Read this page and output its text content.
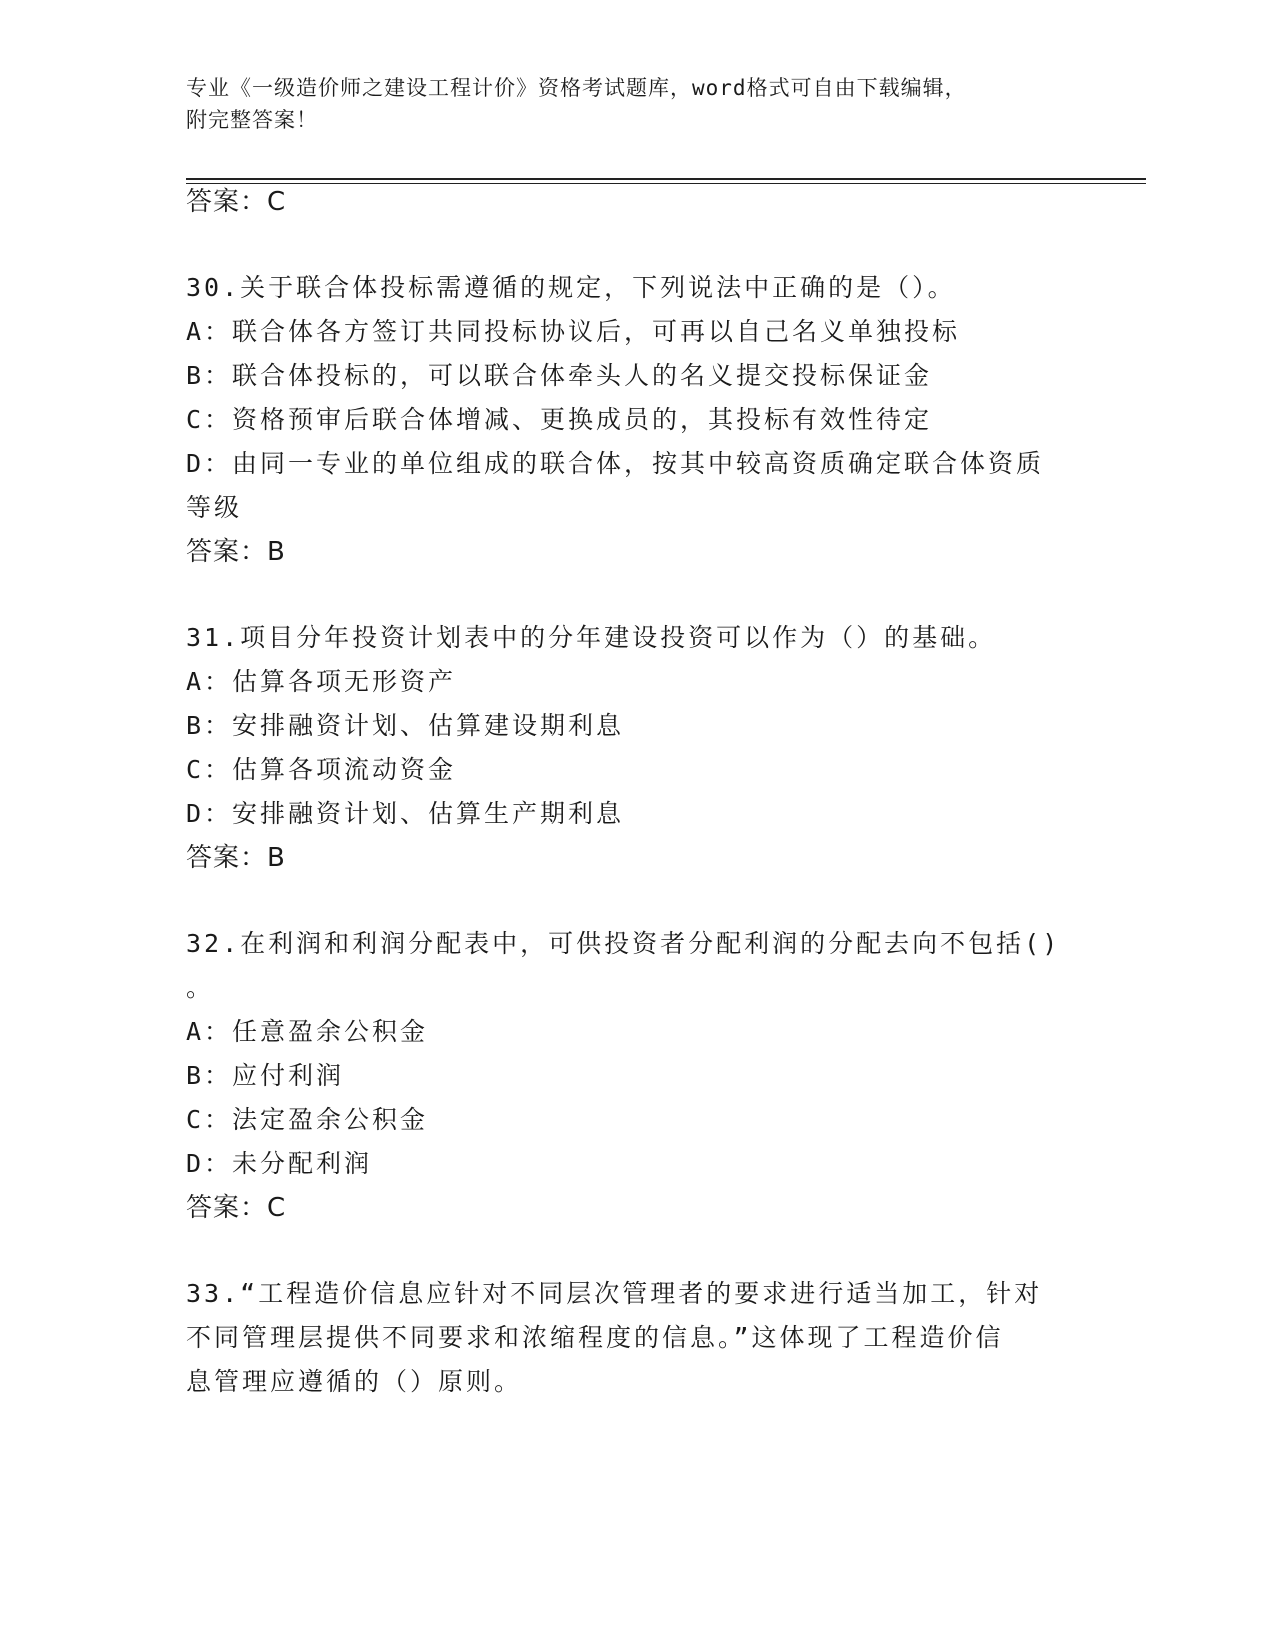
专业《一级造价师之建设工程计价》资格考试题库，word格式可自由下载编辑，
附完整答案！
答案：C
30.关于联合体投标需遵循的规定，下列说法中正确的是（）。
A：联合体各方签订共同投标协议后，可再以自己名义单独投标
B：联合体投标的，可以联合体牵头人的名义提交投标保证金
C：资格预审后联合体增减、更换成员的，其投标有效性待定
D：由同一专业的单位组成的联合体，按其中较高资质确定联合体资质
等级
答案：B
31.项目分年投资计划表中的分年建设投资可以作为（）的基础。
A：估算各项无形资产
B：安排融资计划、估算建设期利息
C：估算各项流动资金
D：安排融资计划、估算生产期利息
答案：B
32.在利润和利润分配表中，可供投资者分配利润的分配去向不包括()
。
A：任意盈余公积金
B：应付利润
C：法定盈余公积金
D：未分配利润
答案：C
33.“工程造价信息应针对不同层次管理者的要求进行适当加工，针对
不同管理层提供不同要求和浓缩程度的信息。”这体现了工程造价信
息管理应遵循的（）原则。
